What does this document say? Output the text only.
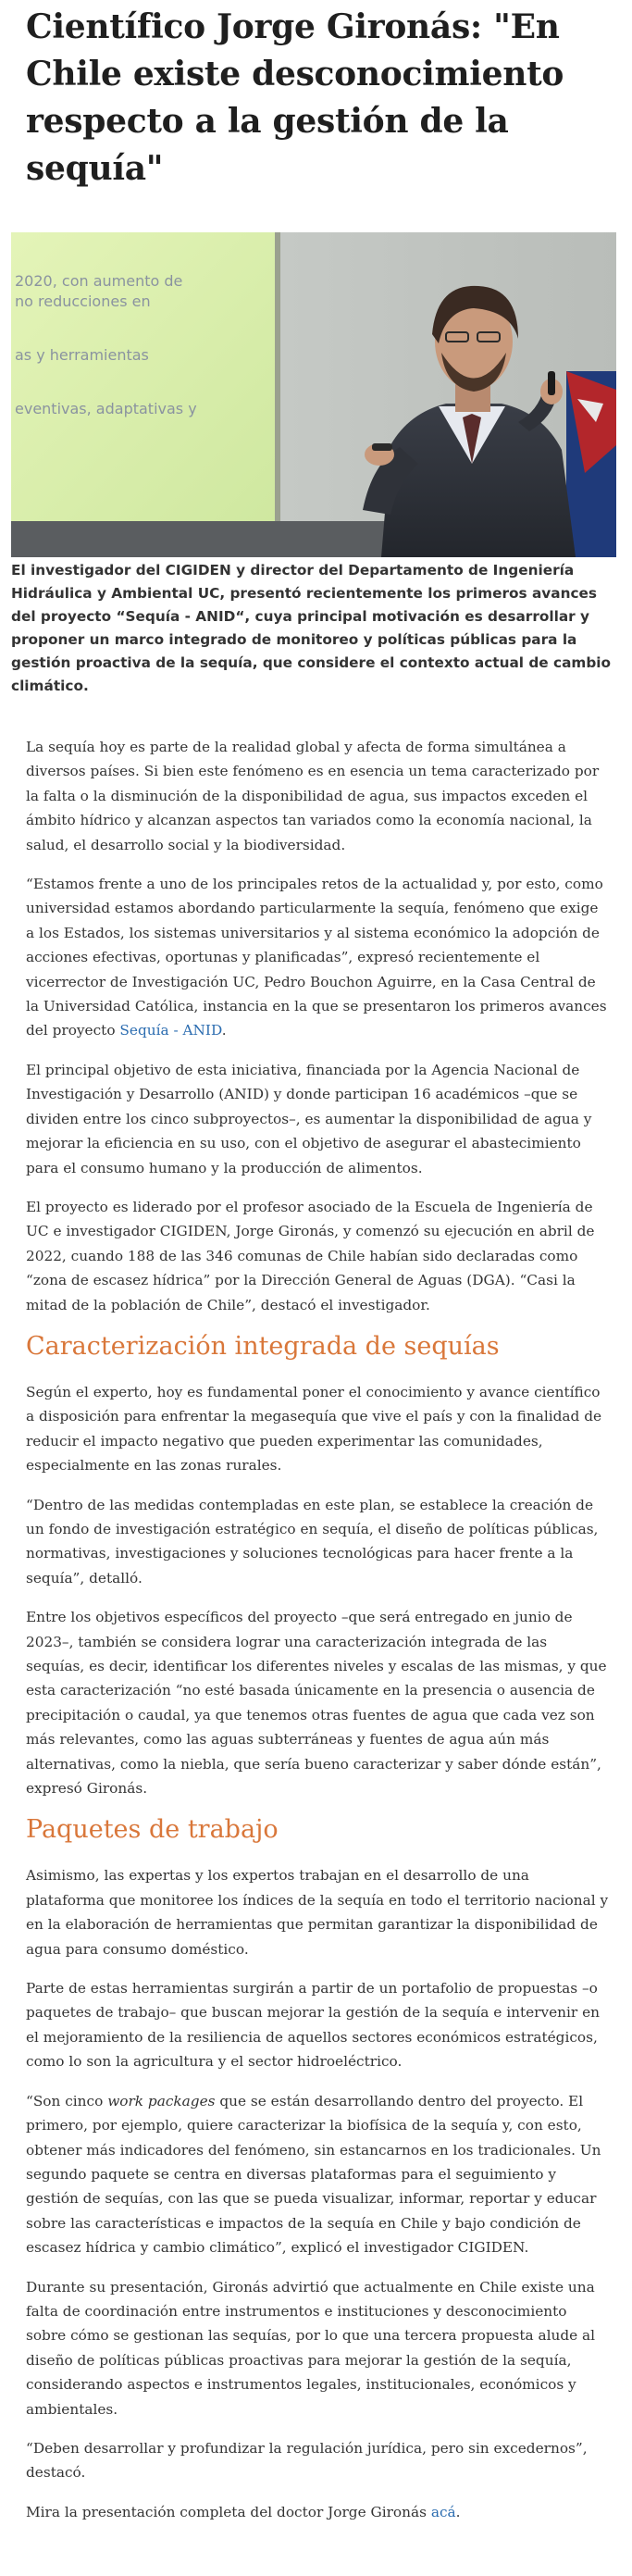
Científico Jorge Gironás: "En Chile existe desconocimiento respecto a la gestión de la sequía"
2020, con aumento de
no reducciones en
as y herramientas
eventivas, adaptativas y

El investigador del CIGIDEN y director del Departamento de Ingeniería Hidráulica y Ambiental UC, presentó recientemente los primeros avances del proyecto “Sequía - ANID“, cuya principal motivación es desarrollar y proponer un marco integrado de monitoreo y políticas públicas para la gestión proactiva de la sequía, que considere el contexto actual de cambio climático.

La sequía hoy es parte de la realidad global y afecta de forma simultánea a diversos países. Si bien este fenómeno es en esencia un tema caracterizado por la falta o la disminución de la disponibilidad de agua, sus impactos exceden el ámbito hídrico y alcanzan aspectos tan variados como la economía nacional, la salud, el desarrollo social y la biodiversidad.

“Estamos frente a uno de los principales retos de la actualidad y, por esto, como universidad estamos abordando particularmente la sequía, fenómeno que exige a los Estados, los sistemas universitarios y al sistema económico la adopción de acciones efectivas, oportunas y planificadas”, expresó recientemente el vicerrector de Investigación UC, Pedro Bouchon Aguirre, en la Casa Central de la Universidad Católica, instancia en la que se presentaron los primeros avances del proyecto Sequía - ANID.

El principal objetivo de esta iniciativa, financiada por la Agencia Nacional de Investigación y Desarrollo (ANID) y donde participan 16 académicos –que se dividen entre los cinco subproyectos–, es aumentar la disponibilidad de agua y mejorar la eficiencia en su uso, con el objetivo de asegurar el abastecimiento para el consumo humano y la producción de alimentos.

El proyecto es liderado por el profesor asociado de la Escuela de Ingeniería de UC e investigador CIGIDEN, Jorge Gironás, y comenzó su ejecución en abril de 2022, cuando 188 de las 346 comunas de Chile habían sido declaradas como “zona de escasez hídrica” por la Dirección General de Aguas (DGA). “Casi la mitad de la población de Chile”, destacó el investigador.

Caracterización integrada de sequías

Según el experto, hoy es fundamental poner el conocimiento y avance científico a disposición para enfrentar la megasequía que vive el país y con la finalidad de reducir el impacto negativo que pueden experimentar las comunidades, especialmente en las zonas rurales.

“Dentro de las medidas contempladas en este plan, se establece la creación de un fondo de investigación estratégico en sequía, el diseño de políticas públicas, normativas, investigaciones y soluciones tecnológicas para hacer frente a la sequía”, detalló.

Entre los objetivos específicos del proyecto –que será entregado en junio de 2023–, también se considera lograr una caracterización integrada de las sequías, es decir, identificar los diferentes niveles y escalas de las mismas, y que esta caracterización “no esté basada únicamente en la presencia o ausencia de precipitación o caudal, ya que tenemos otras fuentes de agua que cada vez son más relevantes, como las aguas subterráneas y fuentes de agua aún más alternativas, como la niebla, que sería bueno caracterizar y saber dónde están”, expresó Gironás.

Paquetes de trabajo

Asimismo, las expertas y los expertos trabajan en el desarrollo de una plataforma que monitoree los índices de la sequía en todo el territorio nacional y en la elaboración de herramientas que permitan garantizar la disponibilidad de agua para consumo doméstico.

Parte de estas herramientas surgirán a partir de un portafolio de propuestas –o paquetes de trabajo– que buscan mejorar la gestión de la sequía e intervenir en el mejoramiento de la resiliencia de aquellos sectores económicos estratégicos, como lo son la agricultura y el sector hidroeléctrico.

“Son cinco work packages que se están desarrollando dentro del proyecto. El primero, por ejemplo, quiere caracterizar la biofísica de la sequía y, con esto, obtener más indicadores del fenómeno, sin estancarnos en los tradicionales. Un segundo paquete se centra en diversas plataformas para el seguimiento y gestión de sequías, con las que se pueda visualizar, informar, reportar y educar sobre las características e impactos de la sequía en Chile y bajo condición de escasez hídrica y cambio climático”, explicó el investigador CIGIDEN.

Durante su presentación, Gironás advirtió que actualmente en Chile existe una falta de coordinación entre instrumentos e instituciones y desconocimiento sobre cómo se gestionan las sequías, por lo que una tercera propuesta alude al diseño de políticas públicas proactivas para mejorar la gestión de la sequía, considerando aspectos e instrumentos legales, institucionales, económicos y ambientales.

“Deben desarrollar y profundizar la regulación jurídica, pero sin excedernos”, destacó.

Mira la presentación completa del doctor Jorge Gironás acá.
